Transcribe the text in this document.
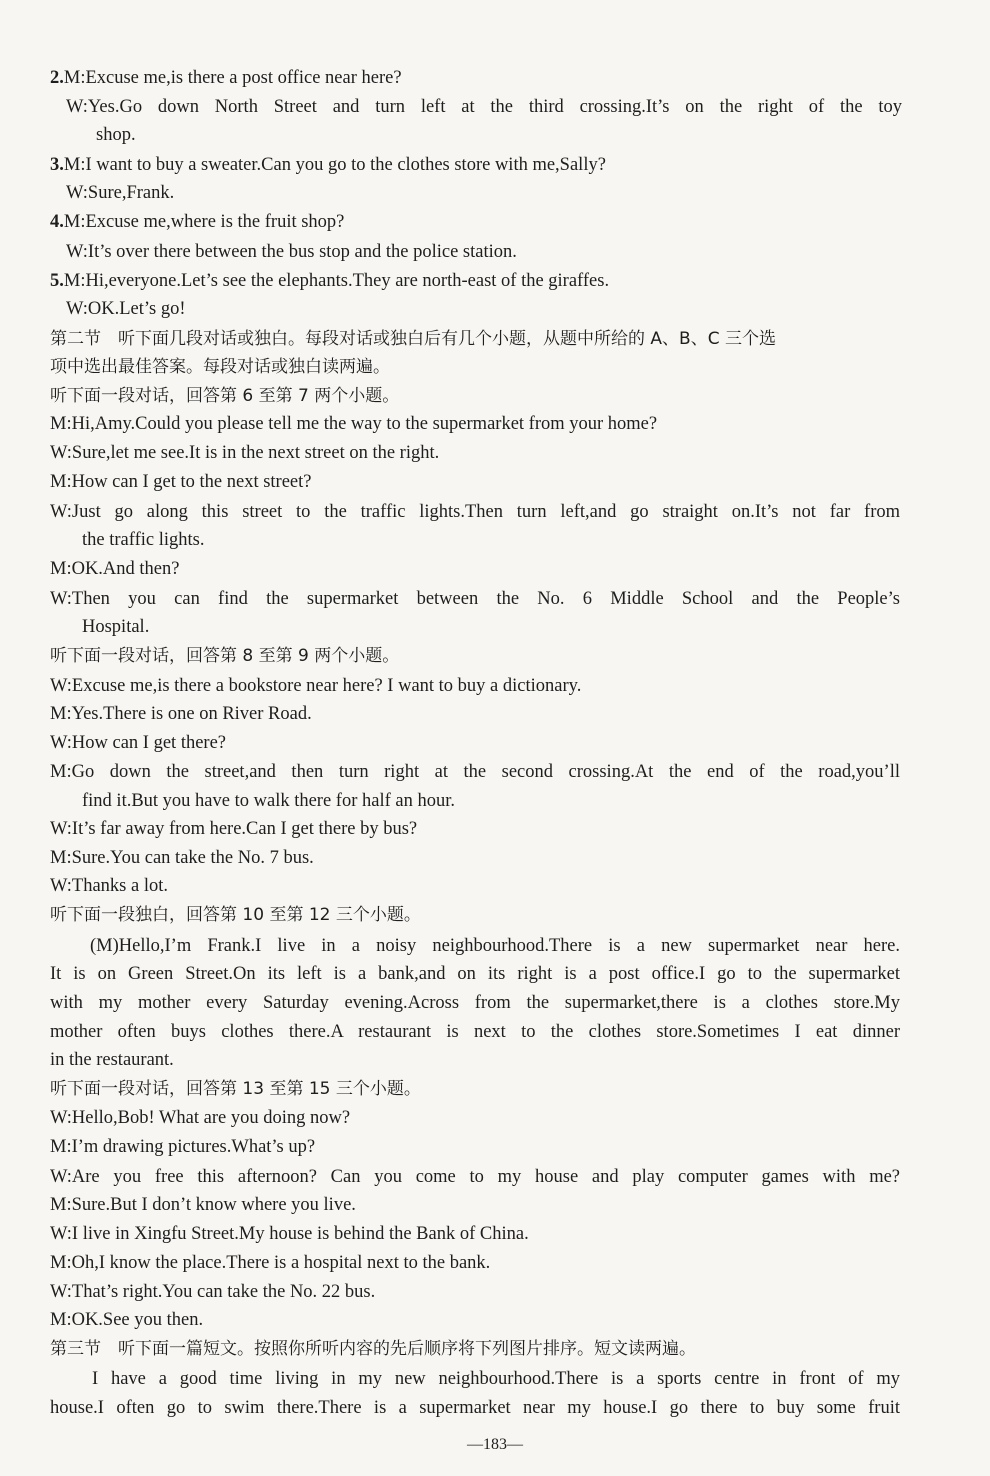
2.M:Excuse me,is there a post office near here?
W:Yes.Go down North Street and turn left at the third crossing.It’s on the right of the toy
shop.
3.M:I want to buy a sweater.Can you go to the clothes store with me,Sally?
W:Sure,Frank.
4.M:Excuse me,where is the fruit shop?
W:It’s over there between the bus stop and the police station.
5.M:Hi,everyone.Let’s see the elephants.They are north-east of the giraffes.
W:OK.Let’s go!
第二节　听下面几段对话或独白。每段对话或独白后有几个小题，从题中所给的 A、B、C 三个选
项中选出最佳答案。每段对话或独白读两遍。
听下面一段对话，回答第 6 至第 7 两个小题。
M:Hi,Amy.Could you please tell me the way to the supermarket from your home?
W:Sure,let me see.It is in the next street on the right.
M:How can I get to the next street?
W:Just go along this street to the traffic lights.Then turn left,and go straight on.It’s not far from
the traffic lights.
M:OK.And then?
W:Then you can find the supermarket between the No. 6 Middle School and the People’s
Hospital.
听下面一段对话，回答第 8 至第 9 两个小题。
W:Excuse me,is there a bookstore near here? I want to buy a dictionary.
M:Yes.There is one on River Road.
W:How can I get there?
M:Go down the street,and then turn right at the second crossing.At the end of the road,you’ll
find it.But you have to walk there for half an hour.
W:It’s far away from here.Can I get there by bus?
M:Sure.You can take the No. 7 bus.
W:Thanks a lot.
听下面一段独白，回答第 10 至第 12 三个小题。
(M)Hello,I’m Frank.I live in a noisy neighbourhood.There is a new supermarket near here.
It is on Green Street.On its left is a bank,and on its right is a post office.I go to the supermarket
with my mother every Saturday evening.Across from the supermarket,there is a clothes store.My
mother often buys clothes there.A restaurant is next to the clothes store.Sometimes I eat dinner
in the restaurant.
听下面一段对话，回答第 13 至第 15 三个小题。
W:Hello,Bob! What are you doing now?
M:I’m drawing pictures.What’s up?
W:Are you free this afternoon? Can you come to my house and play computer games with me?
M:Sure.But I don’t know where you live.
W:I live in Xingfu Street.My house is behind the Bank of China.
M:Oh,I know the place.There is a hospital next to the bank.
W:That’s right.You can take the No. 22 bus.
M:OK.See you then.
第三节　听下面一篇短文。按照你所听内容的先后顺序将下列图片排序。短文读两遍。
I have a good time living in my new neighbourhood.There is a sports centre in front of my
house.I often go to swim there.There is a supermarket near my house.I go there to buy some fruit
—183—
